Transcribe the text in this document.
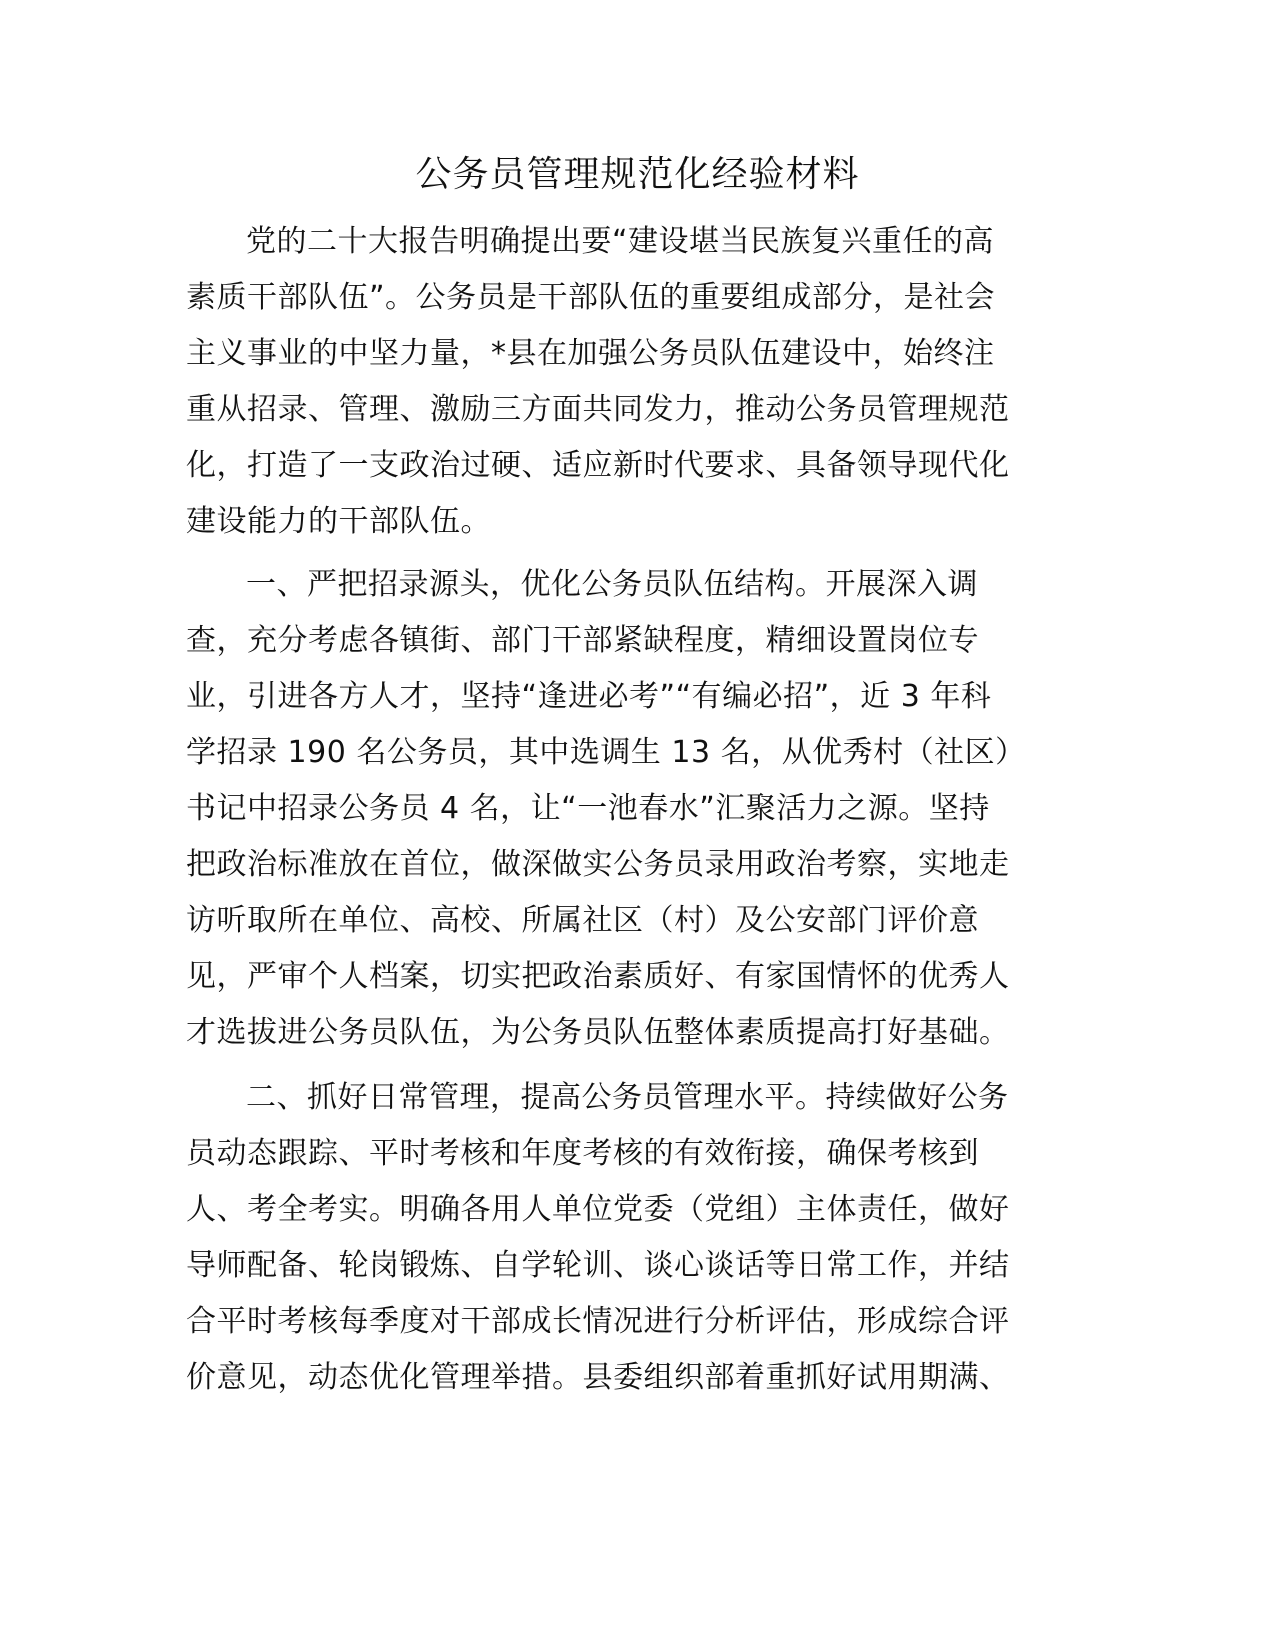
公务员管理规范化经验材料
党的二十大报告明确提出要“建设堪当民族复兴重任的高
素质干部队伍”。公务员是干部队伍的重要组成部分，是社会
主义事业的中坚力量，*县在加强公务员队伍建设中，始终注
重从招录、管理、激励三方面共同发力，推动公务员管理规范
化，打造了一支政治过硬、适应新时代要求、具备领导现代化
建设能力的干部队伍。
一、严把招录源头，优化公务员队伍结构。开展深入调
查，充分考虑各镇街、部门干部紧缺程度，精细设置岗位专
业，引进各方人才，坚持“逢进必考”“有编必招”，近 3 年科
学招录 190 名公务员，其中选调生 13 名，从优秀村（社区）
书记中招录公务员 4 名，让“一池春水”汇聚活力之源。坚持
把政治标准放在首位，做深做实公务员录用政治考察，实地走
访听取所在单位、高校、所属社区（村）及公安部门评价意
见，严审个人档案，切实把政治素质好、有家国情怀的优秀人
才选拔进公务员队伍，为公务员队伍整体素质提高打好基础。
二、抓好日常管理，提高公务员管理水平。持续做好公务
员动态跟踪、平时考核和年度考核的有效衔接，确保考核到
人、考全考实。明确各用人单位党委（党组）主体责任，做好
导师配备、轮岗锻炼、自学轮训、谈心谈话等日常工作，并结
合平时考核每季度对干部成长情况进行分析评估，形成综合评
价意见，动态优化管理举措。县委组织部着重抓好试用期满、
